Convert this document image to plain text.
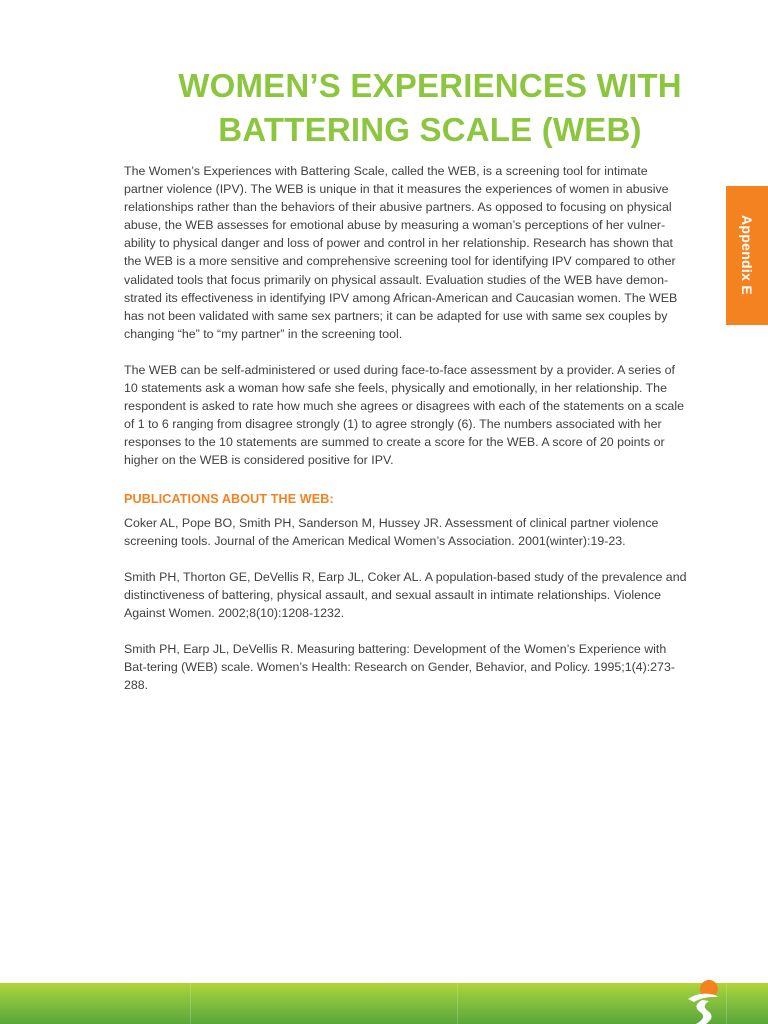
WOMEN’S EXPERIENCES WITH
BATTERING SCALE (WEB)
Appendix E

The Women’s Experiences with Battering Scale, called the WEB, is a screening tool for intimate partner violence (IPV). The WEB is unique in that it measures the experiences of women in abusive relationships rather than the behaviors of their abusive partners. As opposed to focusing on physical abuse, the WEB assesses for emotional abuse by measuring a woman’s perceptions of her vulner-ability to physical danger and loss of power and control in her relationship. Research has shown that the WEB is a more sensitive and comprehensive screening tool for identifying IPV compared to other validated tools that focus primarily on physical assault. Evaluation studies of the WEB have demon-strated its effectiveness in identifying IPV among African-American and Caucasian women. The WEB has not been validated with same sex partners; it can be adapted for use with same sex couples by changing “he” to “my partner” in the screening tool.

The WEB can be self-administered or used during face-to-face assessment by a provider. A series of 10 statements ask a woman how safe she feels, physically and emotionally, in her relationship. The respondent is asked to rate how much she agrees or disagrees with each of the statements on a scale of 1 to 6 ranging from disagree strongly (1) to agree strongly (6). The numbers associated with her responses to the 10 statements are summed to create a score for the WEB. A score of 20 points or higher on the WEB is considered positive for IPV.

PUBLICATIONS ABOUT THE WEB:

Coker AL, Pope BO, Smith PH, Sanderson M, Hussey JR. Assessment of clinical partner violence screening tools. Journal of the American Medical Women’s Association. 2001(winter):19-23.

Smith PH, Thorton GE, DeVellis R, Earp JL, Coker AL. A population-based study of the prevalence and distinctiveness of battering, physical assault, and sexual assault in intimate relationships. Violence Against Women. 2002;8(10):1208-1232.

Smith PH, Earp JL, DeVellis R. Measuring battering: Development of the Women’s Experience with Bat-tering (WEB) scale. Women’s Health: Research on Gender, Behavior, and Policy. 1995;1(4):273-288.
